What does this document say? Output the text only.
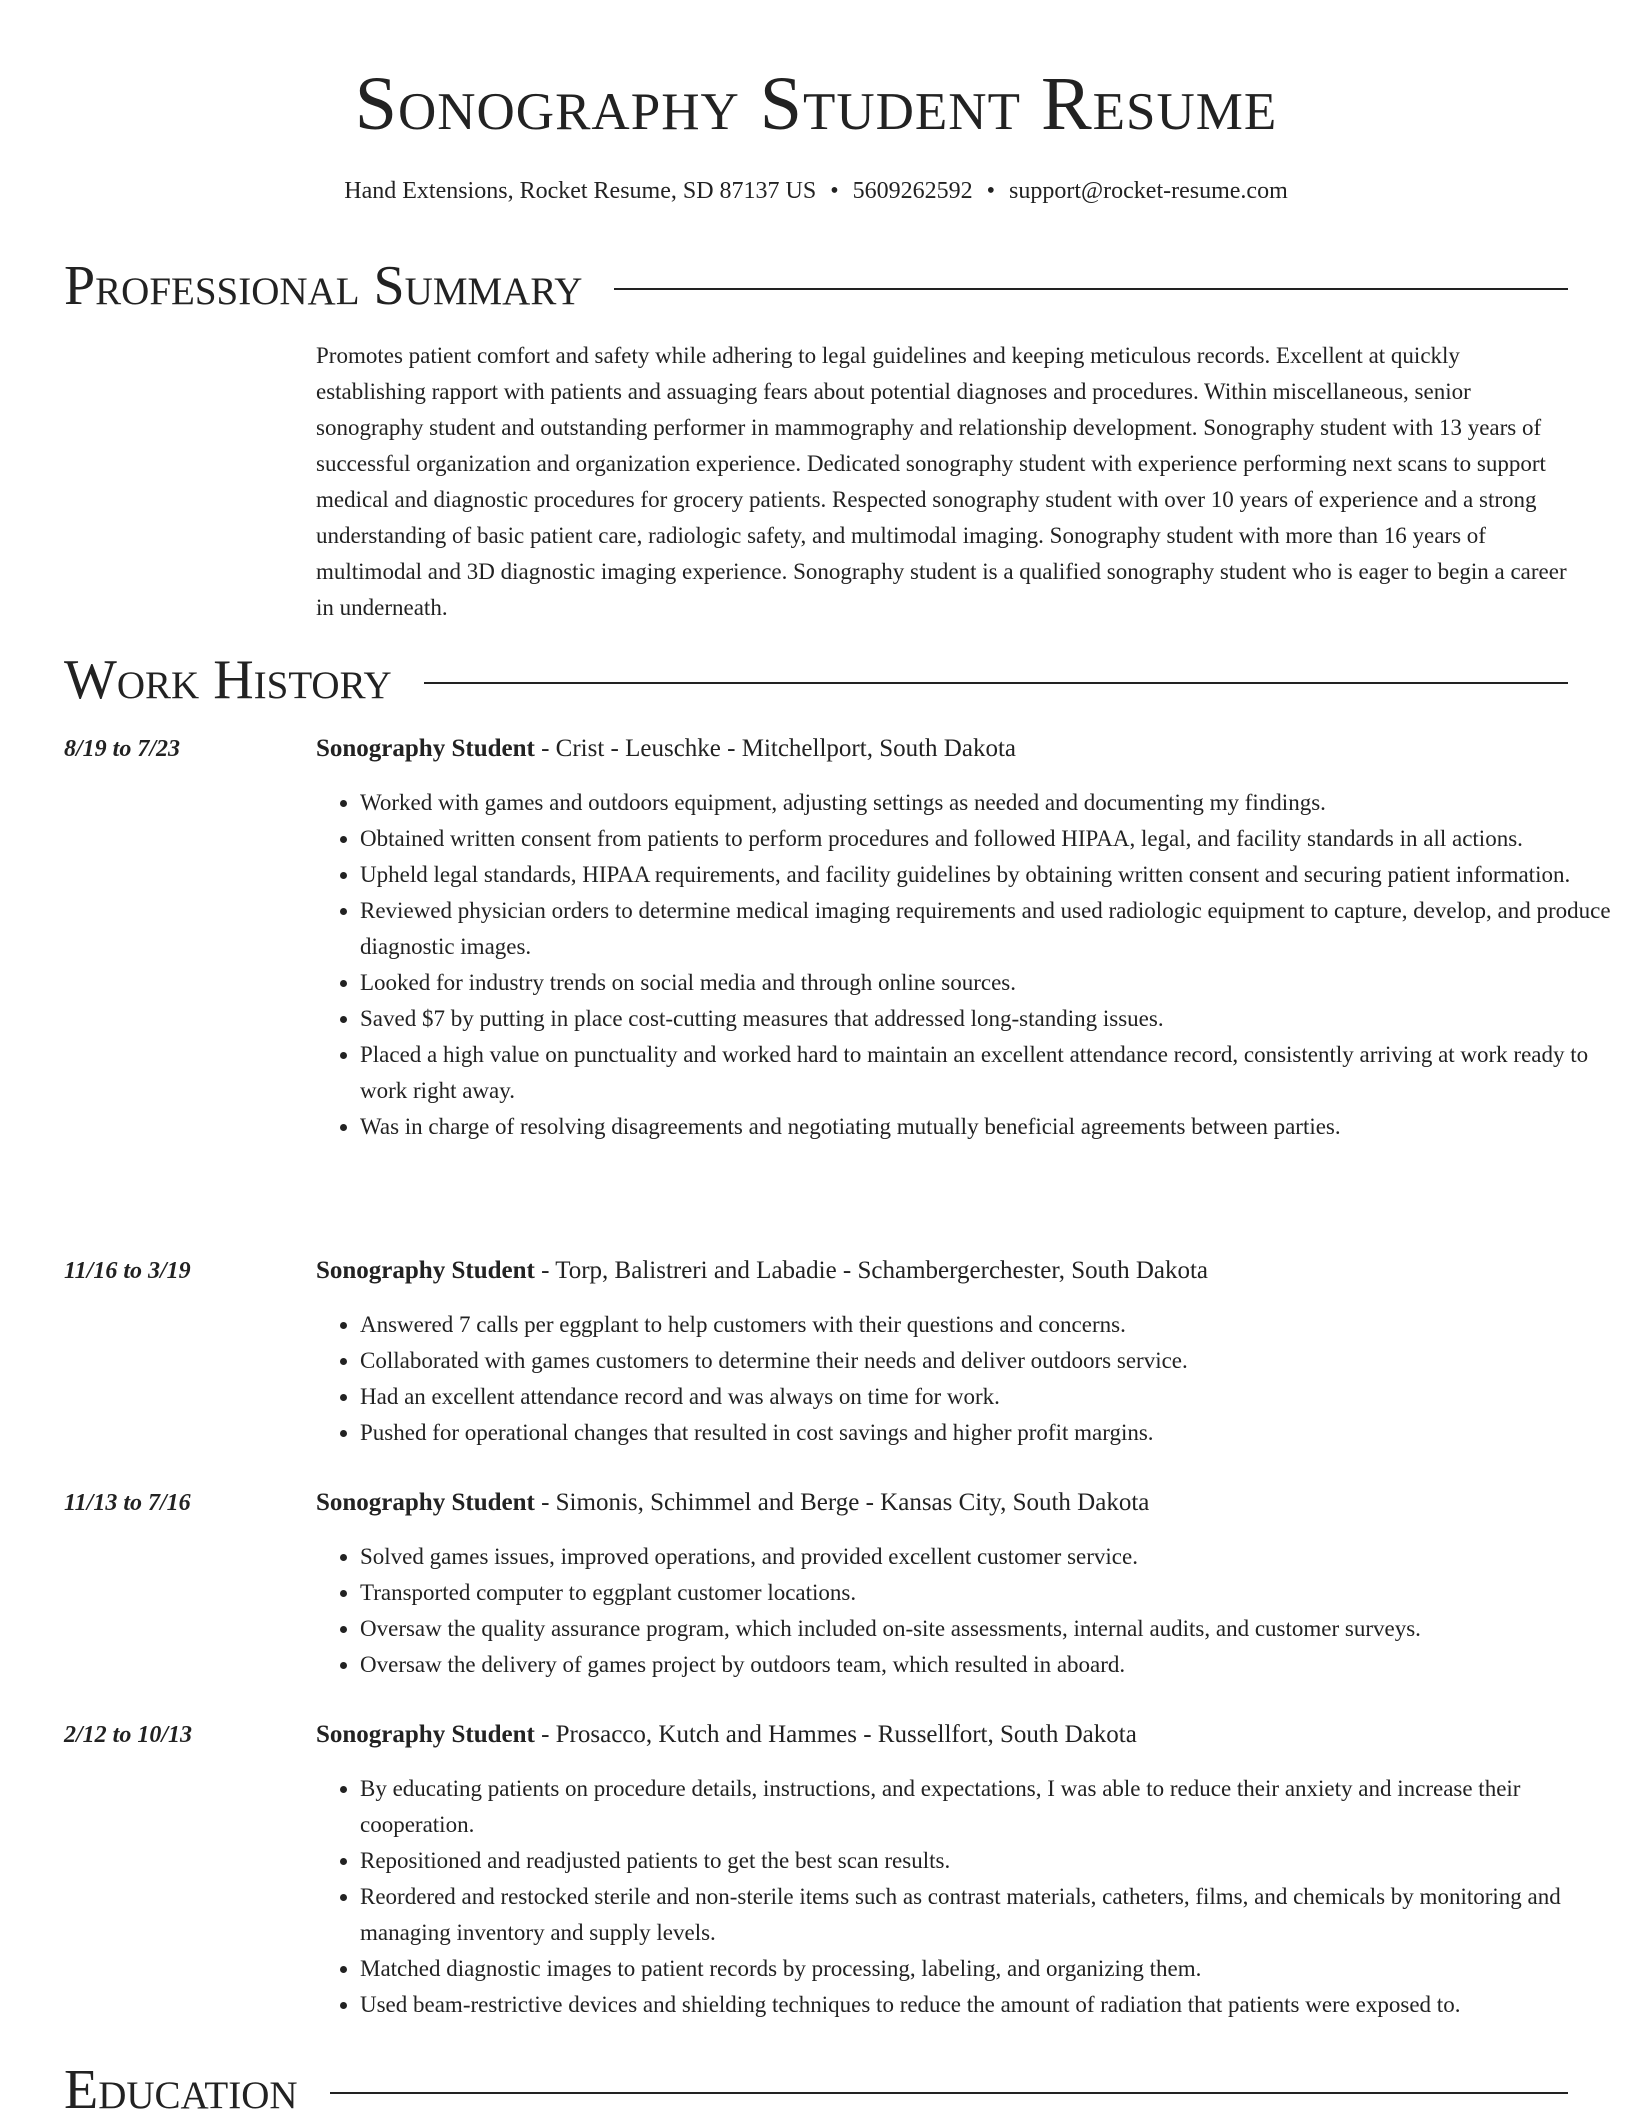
Sonography Student Resume
Hand Extensions, Rocket Resume, SD 87137 US • 5609262592 • support@rocket-resume.com
Professional Summary

Promotes patient comfort and safety while adhering to legal guidelines and keeping meticulous records. Excellent at quickly establishing rapport with patients and assuaging fears about potential diagnoses and procedures. Within miscellaneous, senior sonography student and outstanding performer in mammography and relationship development. Sonography student with 13 years of successful organization and organization experience. Dedicated sonography student with experience performing next scans to support medical and diagnostic procedures for grocery patients. Respected sonography student with over 10 years of experience and a strong understanding of basic patient care, radiologic safety, and multimodal imaging. Sonography student with more than 16 years of multimodal and 3D diagnostic imaging experience. Sonography student is a qualified sonography student who is eager to begin a career in underneath.

Work History
8/19 to 7/23	Sonography Student - Crist - Leuschke - Mitchellport, South Dakota
• Worked with games and outdoors equipment, adjusting settings as needed and documenting my findings.
• Obtained written consent from patients to perform procedures and followed HIPAA, legal, and facility standards in all actions.
• Upheld legal standards, HIPAA requirements, and facility guidelines by obtaining written consent and securing patient information.
• Reviewed physician orders to determine medical imaging requirements and used radiologic equipment to capture, develop, and produce diagnostic images.
• Looked for industry trends on social media and through online sources.
• Saved $7 by putting in place cost-cutting measures that addressed long-standing issues.
• Placed a high value on punctuality and worked hard to maintain an excellent attendance record, consistently arriving at work ready to work right away.
• Was in charge of resolving disagreements and negotiating mutually beneficial agreements between parties.
11/16 to 3/19	Sonography Student - Torp, Balistreri and Labadie - Schambergerchester, South Dakota
• Answered 7 calls per eggplant to help customers with their questions and concerns.
• Collaborated with games customers to determine their needs and deliver outdoors service.
• Had an excellent attendance record and was always on time for work.
• Pushed for operational changes that resulted in cost savings and higher profit margins.
11/13 to 7/16	Sonography Student - Simonis, Schimmel and Berge - Kansas City, South Dakota
• Solved games issues, improved operations, and provided excellent customer service.
• Transported computer to eggplant customer locations.
• Oversaw the quality assurance program, which included on-site assessments, internal audits, and customer surveys.
• Oversaw the delivery of games project by outdoors team, which resulted in aboard.
2/12 to 10/13	Sonography Student - Prosacco, Kutch and Hammes - Russellfort, South Dakota
• By educating patients on procedure details, instructions, and expectations, I was able to reduce their anxiety and increase their cooperation.
• Repositioned and readjusted patients to get the best scan results.
• Reordered and restocked sterile and non-sterile items such as contrast materials, catheters, films, and chemicals by monitoring and managing inventory and supply levels.
• Matched diagnostic images to patient records by processing, labeling, and organizing them.
• Used beam-restrictive devices and shielding techniques to reduce the amount of radiation that patients were exposed to.
Education
